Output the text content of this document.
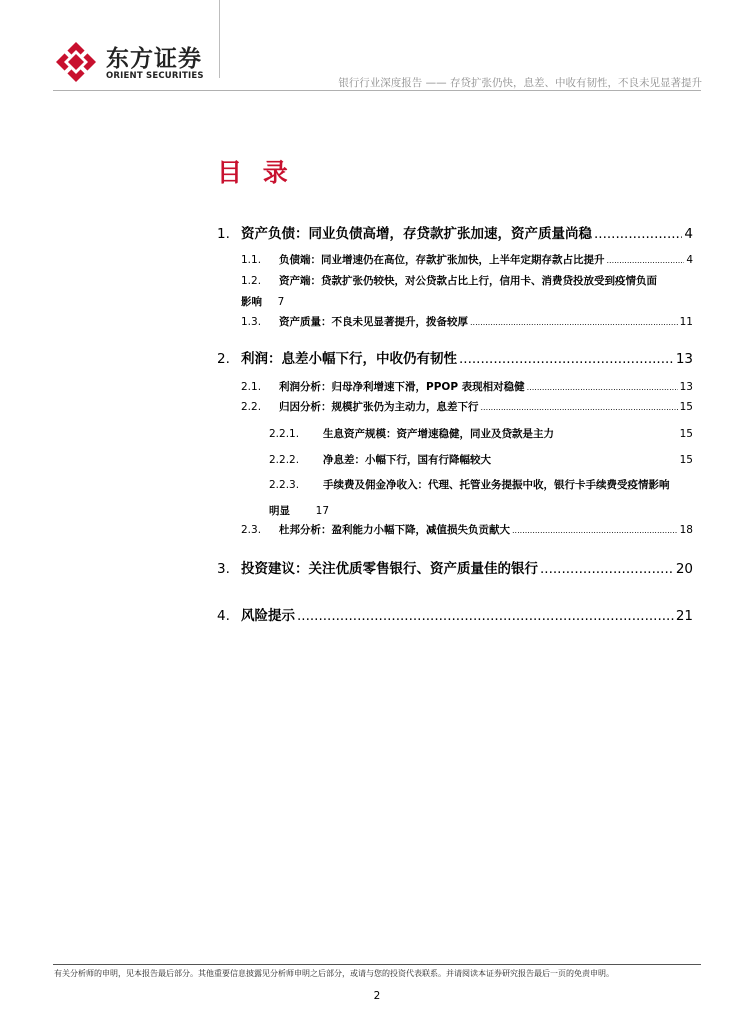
东方证券
ORIENT SECURITIES
银行行业深度报告 —— 存贷扩张仍快，息差、中收有韧性，不良未见显著提升
目 录
1. 资产负债：同业负债高增，存贷款扩张加速，资产质量尚稳 .....	4
1.1.	负债端：同业增速仍在高位，存款扩张加快，上半年定期存款占比提升 .....	4
1.2.	资产端：贷款扩张仍较快，对公贷款占比上行，信用卡、消费贷投放受到疫情负面
影响 7
1.3.	资产质量：不良未见显著提升，拨备较厚 .....	11
2. 利润：息差小幅下行，中收仍有韧性 .....	13
2.1.	利润分析：归母净利增速下滑，PPOP 表现相对稳健 .....	13
2.2.	归因分析：规模扩张仍为主动力，息差下行 .....	15
2.2.1.	生息资产规模：资产增速稳健，同业及贷款是主力	15
2.2.2.	净息差：小幅下行，国有行降幅较大	15
2.2.3.	手续费及佣金净收入：代理、托管业务提振中收，银行卡手续费受疫情影响
明显 17
2.3.	杜邦分析：盈利能力小幅下降，减值损失负贡献大 .....	18
3. 投资建议：关注优质零售银行、资产质量佳的银行 .....	20
4. 风险提示 .....	21
有关分析师的申明，见本报告最后部分。其他重要信息披露见分析师申明之后部分，或请与您的投资代表联系。并请阅读本证券研究报告最后一页的免责申明。
2
